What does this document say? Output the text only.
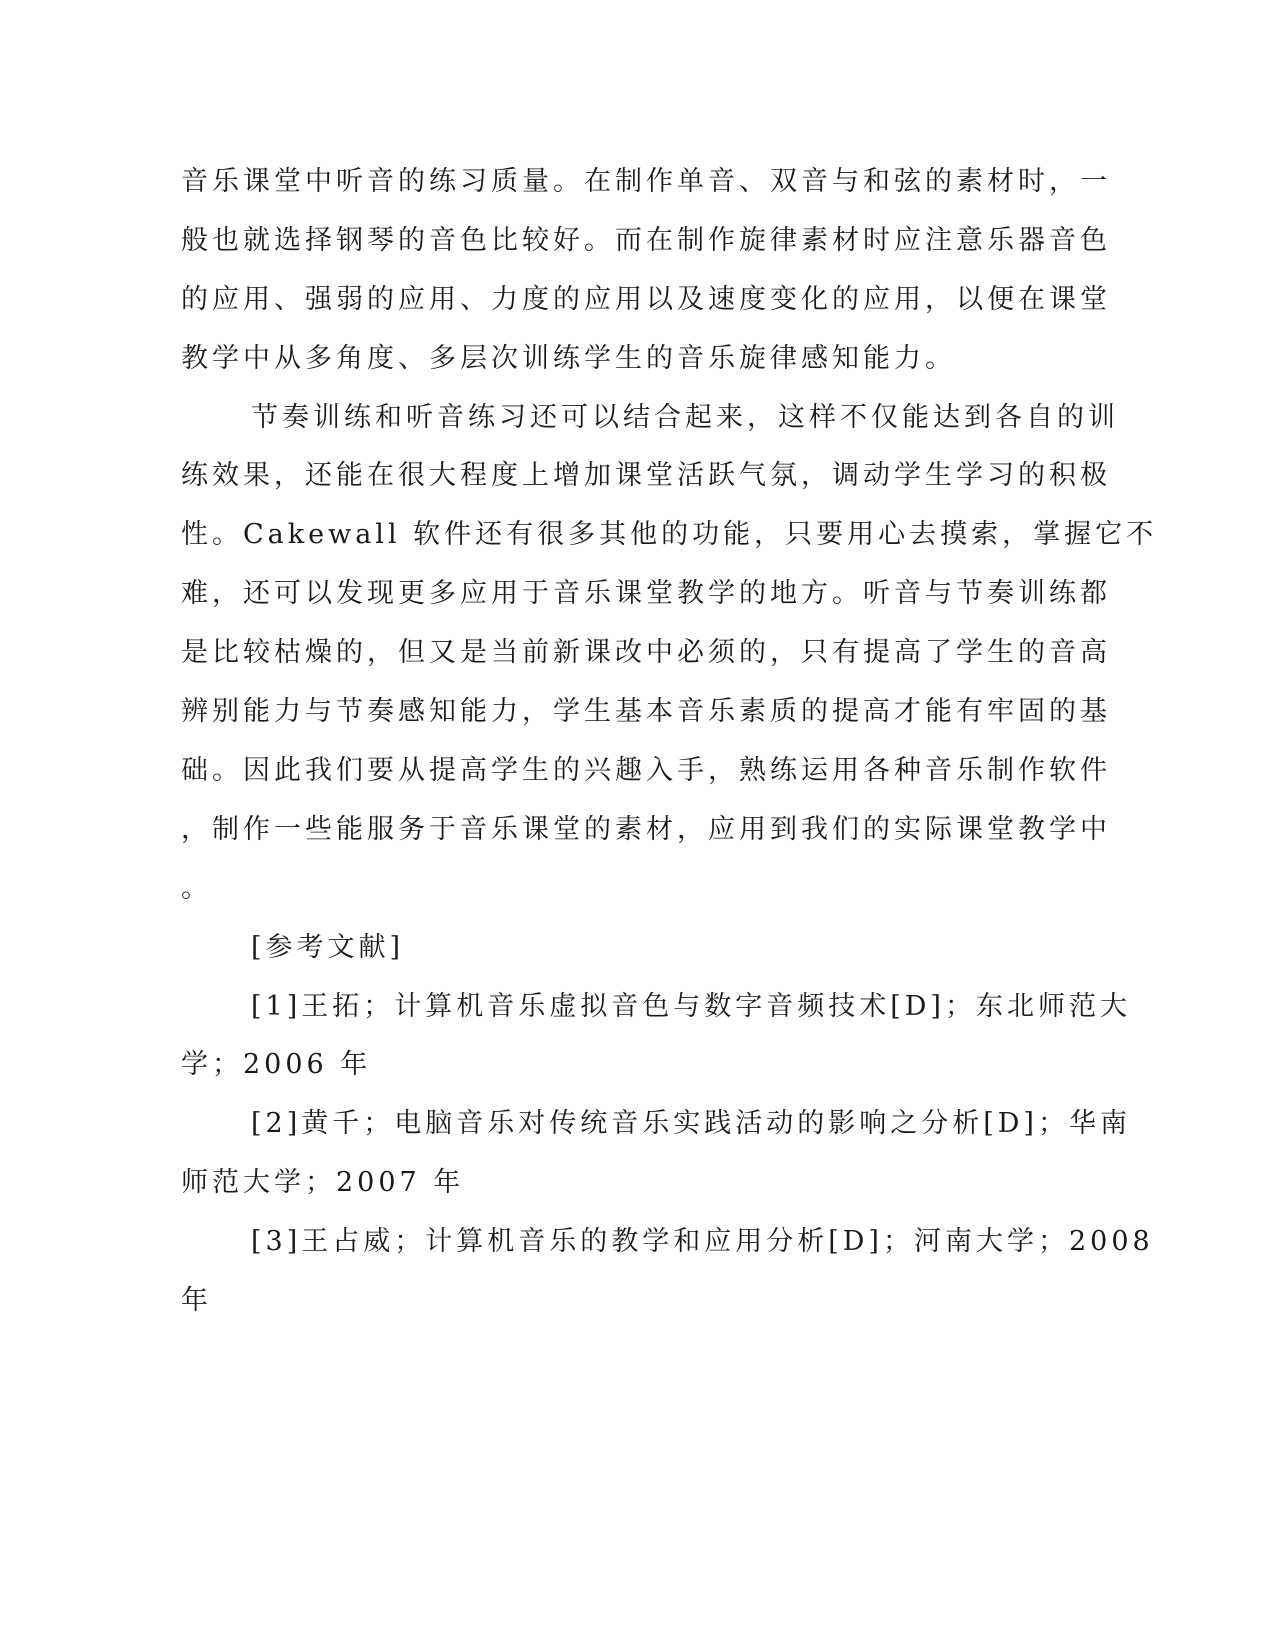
音乐课堂中听音的练习质量。在制作单音、双音与和弦的素材时，一
般也就选择钢琴的音色比较好。而在制作旋律素材时应注意乐器音色
的应用、强弱的应用、力度的应用以及速度变化的应用，以便在课堂
教学中从多角度、多层次训练学生的音乐旋律感知能力。
节奏训练和听音练习还可以结合起来，这样不仅能达到各自的训
练效果，还能在很大程度上增加课堂活跃气氛，调动学生学习的积极
性。Cakewall 软件还有很多其他的功能，只要用心去摸索，掌握它不
难，还可以发现更多应用于音乐课堂教学的地方。听音与节奏训练都
是比较枯燥的，但又是当前新课改中必须的，只有提高了学生的音高
辨别能力与节奏感知能力，学生基本音乐素质的提高才能有牢固的基
础。因此我们要从提高学生的兴趣入手，熟练运用各种音乐制作软件
，制作一些能服务于音乐课堂的素材，应用到我们的实际课堂教学中
。
[参考文献]
[1]王拓；计算机音乐虚拟音色与数字音频技术[D]；东北师范大
学；2006 年
[2]黄千；电脑音乐对传统音乐实践活动的影响之分析[D]；华南
师范大学；2007 年
[3]王占威；计算机音乐的教学和应用分析[D]；河南大学；2008
年
